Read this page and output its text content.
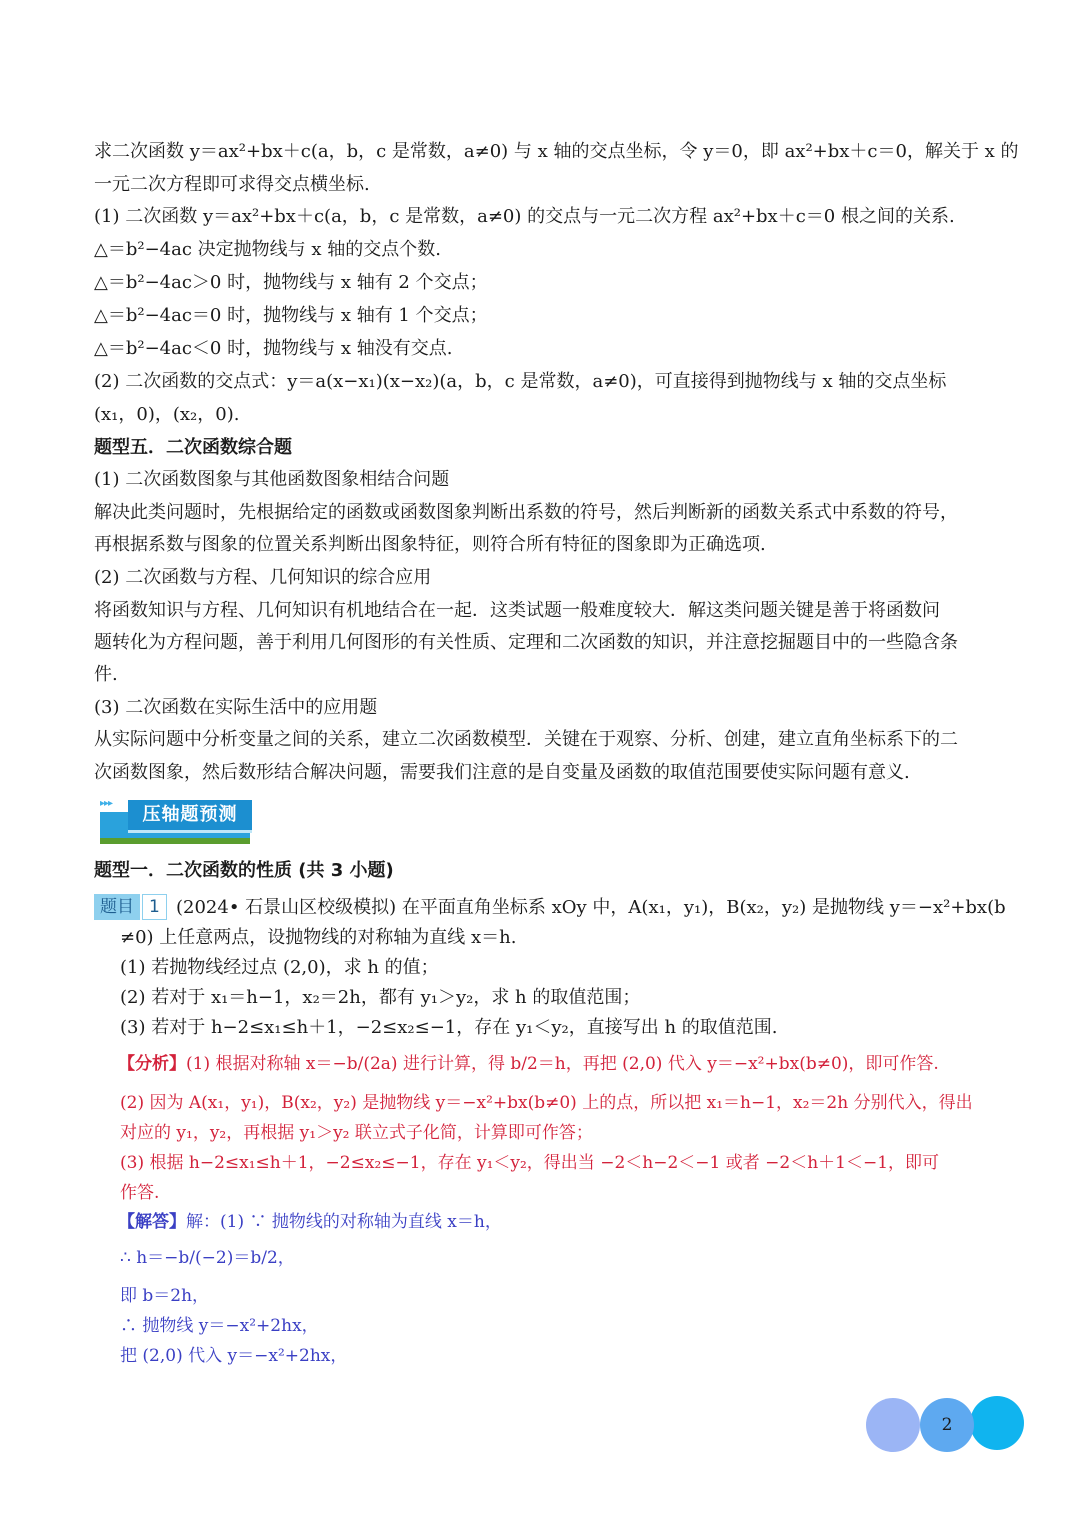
求二次函数 y＝ax²+bx＋c(a，b，c 是常数，a≠0) 与 x 轴的交点坐标，令 y＝0，即 ax²+bx＋c＝0，解关于 x 的
一元二次方程即可求得交点横坐标.
(1) 二次函数 y＝ax²+bx＋c(a，b，c 是常数，a≠0) 的交点与一元二次方程 ax²+bx＋c＝0 根之间的关系.
△＝b²−4ac 决定抛物线与 x 轴的交点个数.
△＝b²−4ac＞0 时，抛物线与 x 轴有 2 个交点；
△＝b²−4ac＝0 时，抛物线与 x 轴有 1 个交点；
△＝b²−4ac＜0 时，抛物线与 x 轴没有交点.
(2) 二次函数的交点式：y＝a(x−x₁)(x−x₂)(a，b，c 是常数，a≠0)，可直接得到抛物线与 x 轴的交点坐标
(x₁，0)，(x₂，0).
题型五．二次函数综合题
(1) 二次函数图象与其他函数图象相结合问题
解决此类问题时，先根据给定的函数或函数图象判断出系数的符号，然后判断新的函数关系式中系数的符号，
再根据系数与图象的位置关系判断出图象特征，则符合所有特征的图象即为正确选项.
(2) 二次函数与方程、几何知识的综合应用
将函数知识与方程、几何知识有机地结合在一起．这类试题一般难度较大．解这类问题关键是善于将函数问
题转化为方程问题，善于利用几何图形的有关性质、定理和二次函数的知识，并注意挖掘题目中的一些隐含条
件.
(3) 二次函数在实际生活中的应用题
从实际问题中分析变量之间的关系，建立二次函数模型．关键在于观察、分析、创建，建立直角坐标系下的二
次函数图象，然后数形结合解决问题，需要我们注意的是自变量及函数的取值范围要使实际问题有意义.
▸▸▸
压轴题预测
题型一．二次函数的性质 (共 3 小题)
题目 1 (2024• 石景山区校级模拟) 在平面直角坐标系 xOy 中，A(x₁，y₁)，B(x₂，y₂) 是抛物线 y＝−x²+bx(b
≠0) 上任意两点，设抛物线的对称轴为直线 x＝h.
(1) 若抛物线经过点 (2,0)，求 h 的值；
(2) 若对于 x₁＝h−1，x₂＝2h，都有 y₁＞y₂，求 h 的取值范围；
(3) 若对于 h−2≤x₁≤h＋1，−2≤x₂≤−1，存在 y₁＜y₂，直接写出 h 的取值范围.
【分析】(1) 根据对称轴 x＝−b/(2a) 进行计算，得 b/2＝h，再把 (2,0) 代入 y＝−x²+bx(b≠0)，即可作答.
(2) 因为 A(x₁，y₁)，B(x₂，y₂) 是抛物线 y＝−x²+bx(b≠0) 上的点，所以把 x₁＝h−1，x₂＝2h 分别代入，得出
对应的 y₁，y₂，再根据 y₁＞y₂ 联立式子化简，计算即可作答；
(3) 根据 h−2≤x₁≤h＋1，−2≤x₂≤−1，存在 y₁＜y₂，得出当 −2＜h−2＜−1 或者 −2＜h＋1＜−1，即可
作答.
【解答】解：(1) ∵ 抛物线的对称轴为直线 x＝h，
∴ h＝−b/(−2)＝b/2，
即 b＝2h，
∴ 抛物线 y＝−x²+2hx，
把 (2,0) 代入 y＝−x²+2hx，
2
